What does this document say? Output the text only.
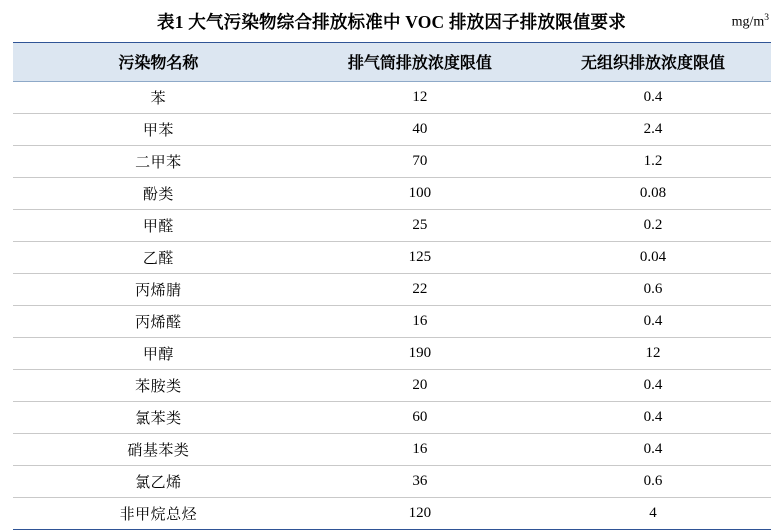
表1 大气污染物综合排放标准中 VOC 排放因子排放限值要求	$mg/m^3$
污染物名称	排气筒排放浓度限值	无组织排放浓度限值
苯	12	0.4
甲苯	40	2.4
二甲苯	70	1.2
酚类	100	0.08
甲醛	25	0.2
乙醛	125	0.04
丙烯腈	22	0.6
丙烯醛	16	0.4
甲醇	190	12
苯胺类	20	0.4
氯苯类	60	0.4
硝基苯类	16	0.4
氯乙烯	36	0.6
非甲烷总烃	120	4
